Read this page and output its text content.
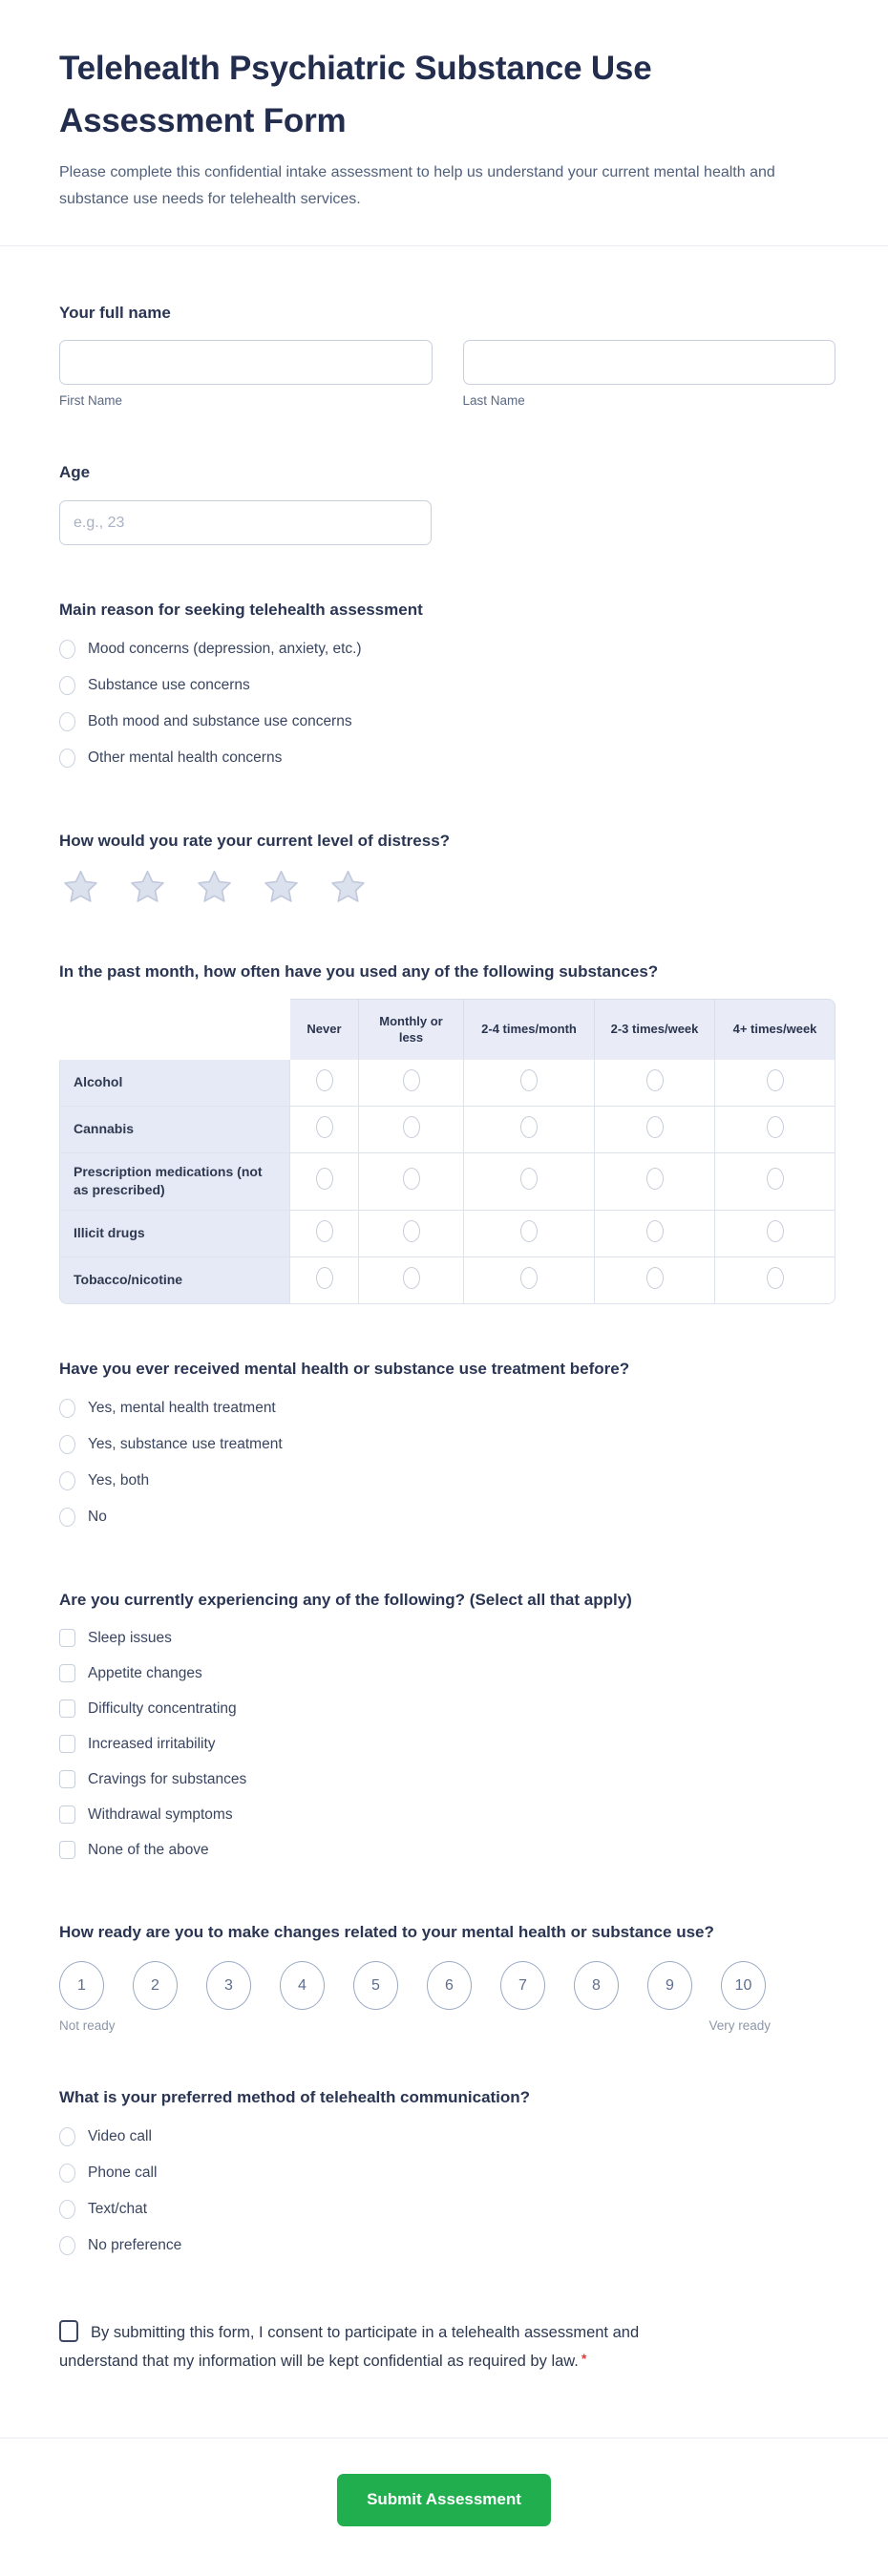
Telehealth Psychiatric Substance Use Assessment Form

Please complete this confidential intake assessment to help us understand your current mental health and substance use needs for telehealth services.

Your full name
First Name	Last Name
Age
e.g., 23
Main reason for seeking telehealth assessment
Mood concerns (depression, anxiety, etc.)
Substance use concerns
Both mood and substance use concerns
Other mental health concerns
How would you rate your current level of distress?
In the past month, how often have you used any of the following substances?
	Never	Monthly or less	2-4 times/month	2-3 times/week	4+ times/week
Alcohol					
Cannabis					
Prescription medications (not as prescribed)					
Illicit drugs					
Tobacco/nicotine					
Have you ever received mental health or substance use treatment before?
Yes, mental health treatment
Yes, substance use treatment
Yes, both
No
Are you currently experiencing any of the following? (Select all that apply)
Sleep issues
Appetite changes
Difficulty concentrating
Increased irritability
Cravings for substances
Withdrawal symptoms
None of the above
How ready are you to make changes related to your mental health or substance use?
1	2	3	4	5	6	7	8	9	10
Not ready	Very ready
What is your preferred method of telehealth communication?
Video call
Phone call
Text/chat
No preference
By submitting this form, I consent to participate in a telehealth assessment and understand that my information will be kept confidential as required by law. *
Submit Assessment
